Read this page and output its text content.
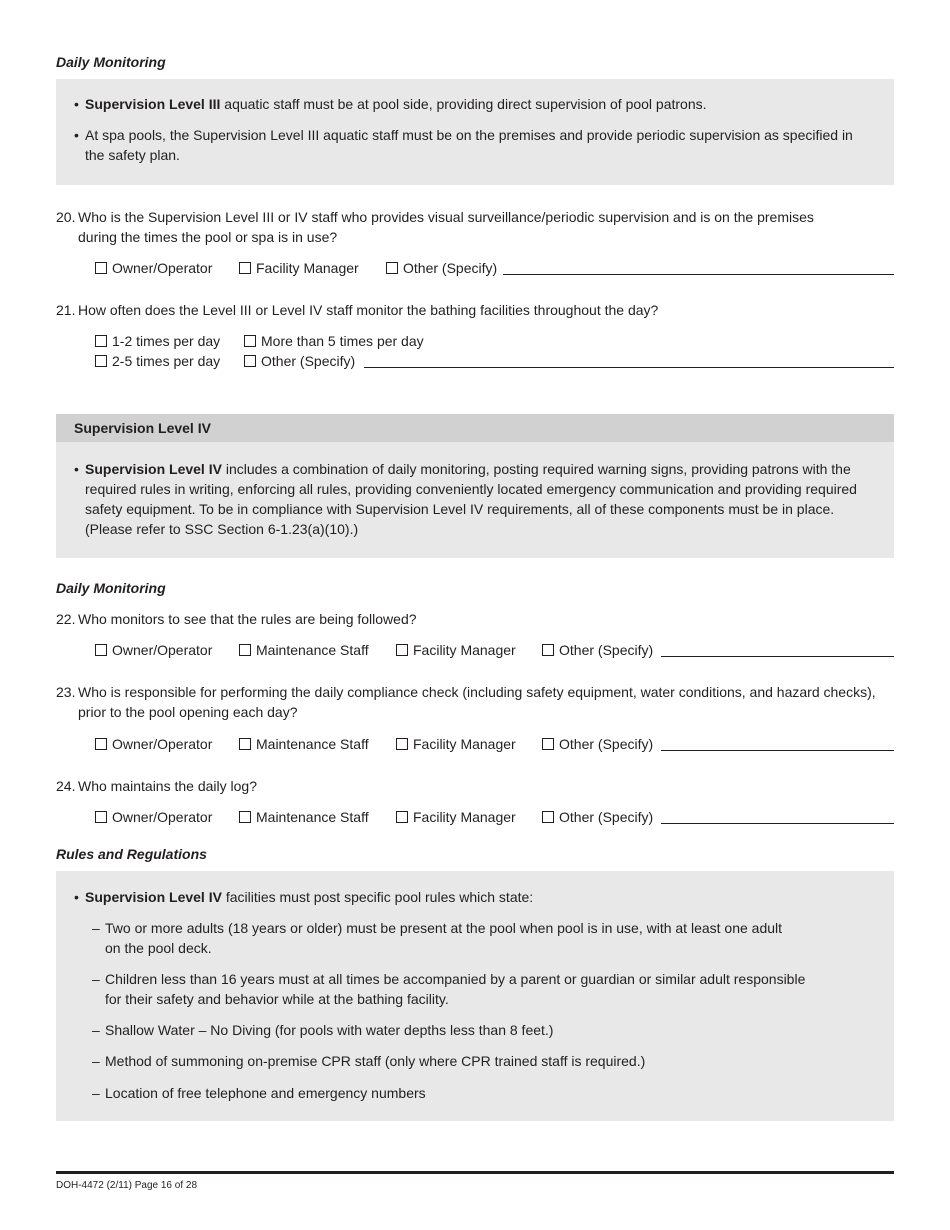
Daily Monitoring
• Supervision Level III aquatic staff must be at pool side, providing direct supervision of pool patrons.
• At spa pools, the Supervision Level III aquatic staff must be on the premises and provide periodic supervision as specified in the safety plan.
20. Who is the Supervision Level III or IV staff who provides visual surveillance/periodic supervision and is on the premises during the times the pool or spa is in use?
Owner/Operator	Facility Manager	Other (Specify)
21. How often does the Level III or Level IV staff monitor the bathing facilities throughout the day?
1-2 times per day	More than 5 times per day
2-5 times per day	Other (Specify)
Supervision Level IV
• Supervision Level IV includes a combination of daily monitoring, posting required warning signs, providing patrons with the required rules in writing, enforcing all rules, providing conveniently located emergency communication and providing required safety equipment. To be in compliance with Supervision Level IV requirements, all of these components must be in place. (Please refer to SSC Section 6-1.23(a)(10).)
Daily Monitoring
22. Who monitors to see that the rules are being followed?
Owner/Operator	Maintenance Staff	Facility Manager	Other (Specify)
23. Who is responsible for performing the daily compliance check (including safety equipment, water conditions, and hazard checks), prior to the pool opening each day?
Owner/Operator	Maintenance Staff	Facility Manager	Other (Specify)
24. Who maintains the daily log?
Owner/Operator	Maintenance Staff	Facility Manager	Other (Specify)
Rules and Regulations
• Supervision Level IV facilities must post specific pool rules which state:
– Two or more adults (18 years or older) must be present at the pool when pool is in use, with at least one adult on the pool deck.
– Children less than 16 years must at all times be accompanied by a parent or guardian or similar adult responsible for their safety and behavior while at the bathing facility.
– Shallow Water – No Diving (for pools with water depths less than 8 feet.)
– Method of summoning on-premise CPR staff (only where CPR trained staff is required.)
– Location of free telephone and emergency numbers
DOH-4472 (2/11) Page 16 of 28
